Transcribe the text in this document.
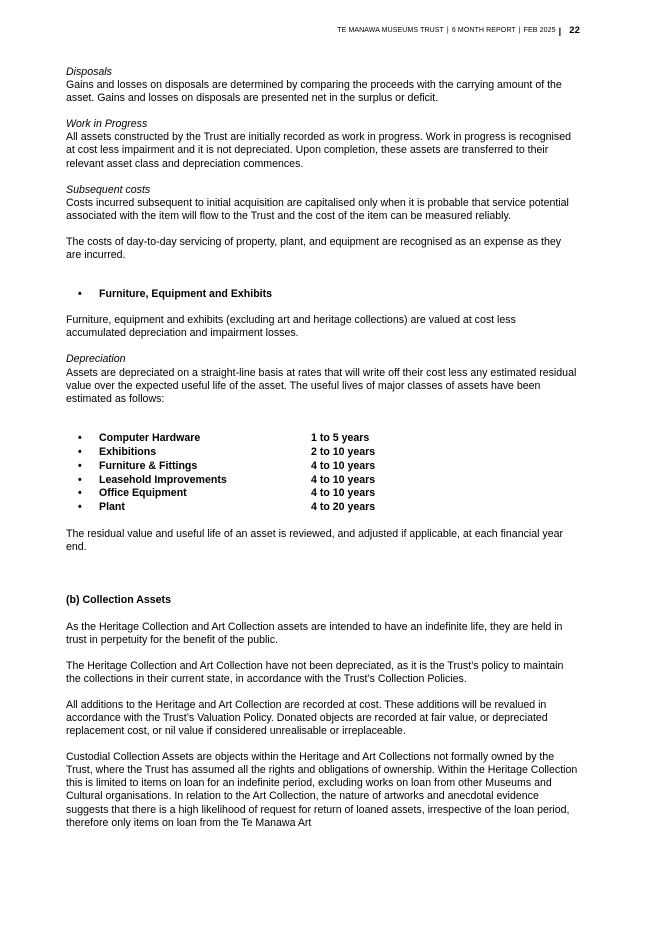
TE MANAWA MUSEUMS TRUST | 6 MONTH REPORT | FEB 2025 | 22

Disposals

Gains and losses on disposals are determined by comparing the proceeds with the carrying amount of the asset. Gains and losses on disposals are presented net in the surplus or deficit.

Work in Progress

All assets constructed by the Trust are initially recorded as work in progress. Work in progress is recognised at cost less impairment and it is not depreciated. Upon completion, these assets are transferred to their relevant asset class and depreciation commences.

Subsequent costs

Costs incurred subsequent to initial acquisition are capitalised only when it is probable that service potential associated with the item will flow to the Trust and the cost of the item can be measured reliably.

The costs of day-to-day servicing of property, plant, and equipment are recognised as an expense as they are incurred.

•	Furniture, Equipment and Exhibits

Furniture, equipment and exhibits (excluding art and heritage collections) are valued at cost less accumulated depreciation and impairment losses.

Depreciation

Assets are depreciated on a straight-line basis at rates that will write off their cost less any estimated residual value over the expected useful life of the asset. The useful lives of major classes of assets have been estimated as follows:

•	Computer Hardware	1 to 5 years
•	Exhibitions	2 to 10 years
•	Furniture & Fittings	4 to 10 years
•	Leasehold Improvements	4 to 10 years
•	Office Equipment	4 to 10 years
•	Plant	4 to 20 years

The residual value and useful life of an asset is reviewed, and adjusted if applicable, at each financial year end.

(b) Collection Assets

As the Heritage Collection and Art Collection assets are intended to have an indefinite life, they are held in trust in perpetuity for the benefit of the public.

The Heritage Collection and Art Collection have not been depreciated, as it is the Trust’s policy to maintain the collections in their current state, in accordance with the Trust’s Collection Policies.

All additions to the Heritage and Art Collection are recorded at cost. These additions will be revalued in accordance with the Trust’s Valuation Policy. Donated objects are recorded at fair value, or depreciated replacement cost, or nil value if considered unrealisable or irreplaceable.

Custodial Collection Assets are objects within the Heritage and Art Collections not formally owned by the Trust, where the Trust has assumed all the rights and obligations of ownership. Within the Heritage Collection this is limited to items on loan for an indefinite period, excluding works on loan from other Museums and Cultural organisations. In relation to the Art Collection, the nature of artworks and anecdotal evidence suggests that there is a high likelihood of request for return of loaned assets, irrespective of the loan period, therefore only items on loan from the Te Manawa Art
